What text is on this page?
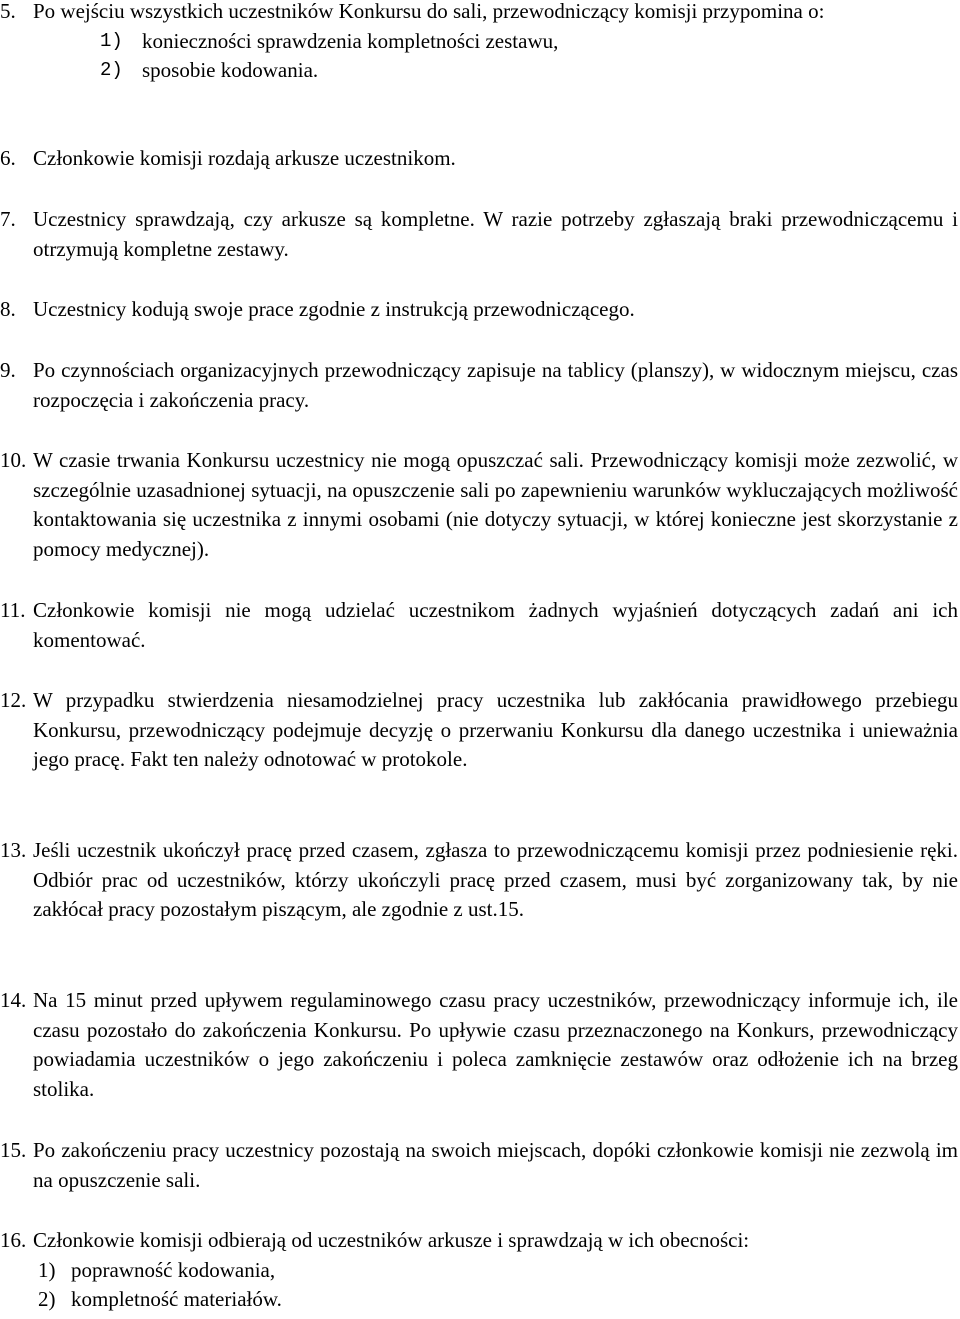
5. Po wejściu wszystkich uczestników Konkursu do sali, przewodniczący komisji przypomina o:
1) konieczności sprawdzenia kompletności zestawu,
2) sposobie kodowania.
6. Członkowie komisji rozdają arkusze uczestnikom.
7. Uczestnicy sprawdzają, czy arkusze są kompletne. W razie potrzeby zgłaszają braki przewodniczącemu i otrzymują kompletne zestawy.
8. Uczestnicy kodują swoje prace zgodnie z instrukcją przewodniczącego.
9. Po czynnościach organizacyjnych przewodniczący zapisuje na tablicy (planszy), w widocznym miejscu, czas rozpoczęcia i zakończenia pracy.
10. W czasie trwania Konkursu uczestnicy nie mogą opuszczać sali. Przewodniczący komisji może zezwolić, w szczególnie uzasadnionej sytuacji, na opuszczenie sali po zapewnieniu warunków wykluczających możliwość kontaktowania się uczestnika z innymi osobami (nie dotyczy sytuacji, w której konieczne jest skorzystanie z pomocy medycznej).
11. Członkowie komisji nie mogą udzielać uczestnikom żadnych wyjaśnień dotyczących zadań ani ich komentować.
12. W przypadku stwierdzenia niesamodzielnej pracy uczestnika lub zakłócania prawidłowego przebiegu Konkursu, przewodniczący podejmuje decyzję o przerwaniu Konkursu dla danego uczestnika i unieważnia jego pracę. Fakt ten należy odnotować w protokole.
13. Jeśli uczestnik ukończył pracę przed czasem, zgłasza to przewodniczącemu komisji przez podniesienie ręki. Odbiór prac od uczestników, którzy ukończyli pracę przed czasem, musi być zorganizowany tak, by nie zakłócał pracy pozostałym piszącym, ale zgodnie z ust.15.
14. Na 15 minut przed upływem regulaminowego czasu pracy uczestników, przewodniczący informuje ich, ile czasu pozostało do zakończenia Konkursu. Po upływie czasu przeznaczonego na Konkurs, przewodniczący powiadamia uczestników o jego zakończeniu i poleca zamknięcie zestawów oraz odłożenie ich na brzeg stolika.
15. Po zakończeniu pracy uczestnicy pozostają na swoich miejscach, dopóki członkowie komisji nie zezwolą im na opuszczenie sali.
16. Członkowie komisji odbierają od uczestników arkusze i sprawdzają w ich obecności:
1) poprawność kodowania,
2) kompletność materiałów.
